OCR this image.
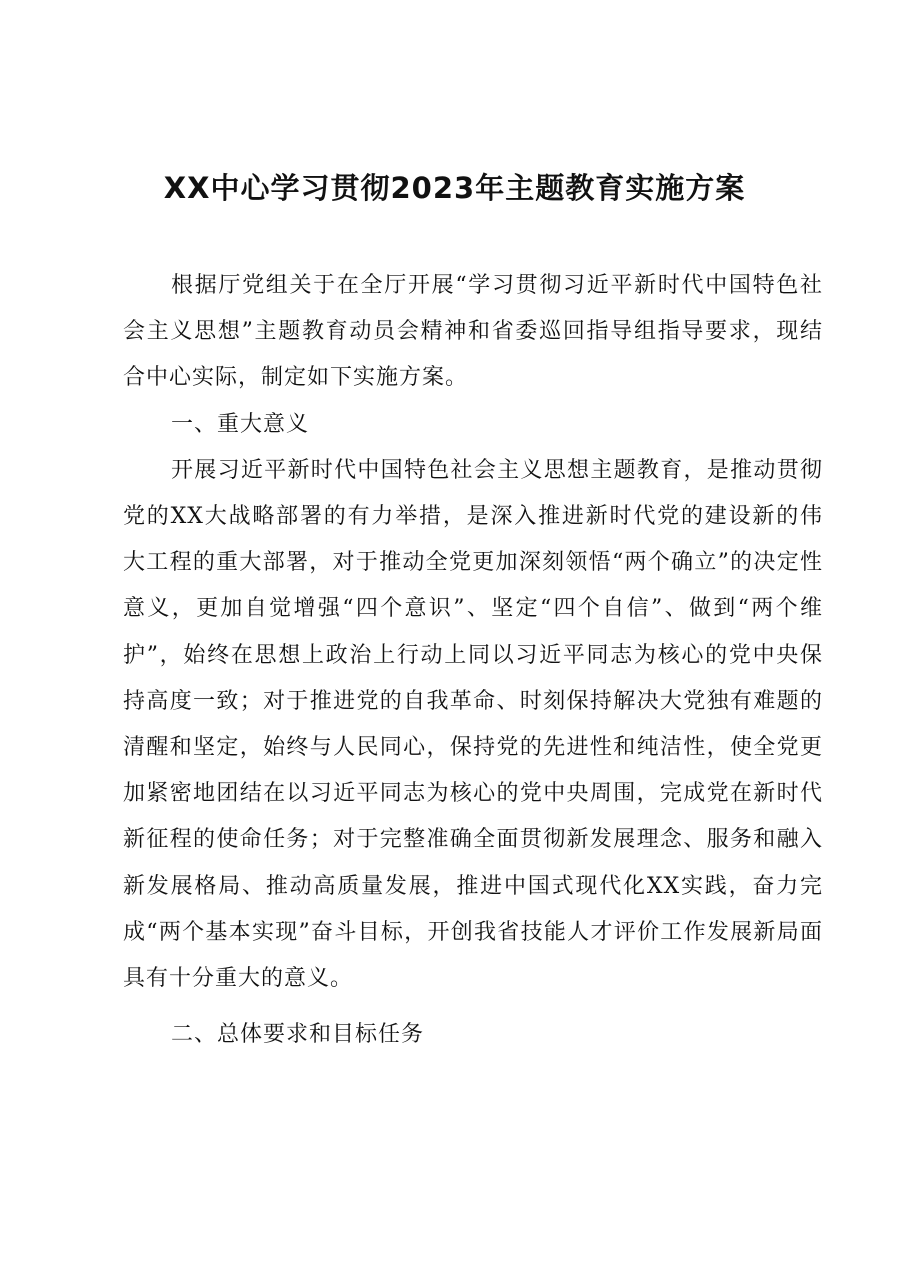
XX中心学习贯彻2023年主题教育实施方案

根据厅党组关于在全厅开展“学习贯彻习近平新时代中国特色社会主义思想”主题教育动员会精神和省委巡回指导组指导要求，现结合中心实际，制定如下实施方案。

一、重大意义

开展习近平新时代中国特色社会主义思想主题教育，是推动贯彻党的XX大战略部署的有力举措，是深入推进新时代党的建设新的伟大工程的重大部署，对于推动全党更加深刻领悟“两个确立”的决定性意义，更加自觉增强“四个意识”、坚定“四个自信”、做到“两个维护”，始终在思想上政治上行动上同以习近平同志为核心的党中央保持高度一致；对于推进党的自我革命、时刻保持解决大党独有难题的清醒和坚定，始终与人民同心，保持党的先进性和纯洁性，使全党更加紧密地团结在以习近平同志为核心的党中央周围，完成党在新时代新征程的使命任务；对于完整准确全面贯彻新发展理念、服务和融入新发展格局、推动高质量发展，推进中国式现代化XX实践，奋力完成“两个基本实现”奋斗目标，开创我省技能人才评价工作发展新局面具有十分重大的意义。

二、总体要求和目标任务
